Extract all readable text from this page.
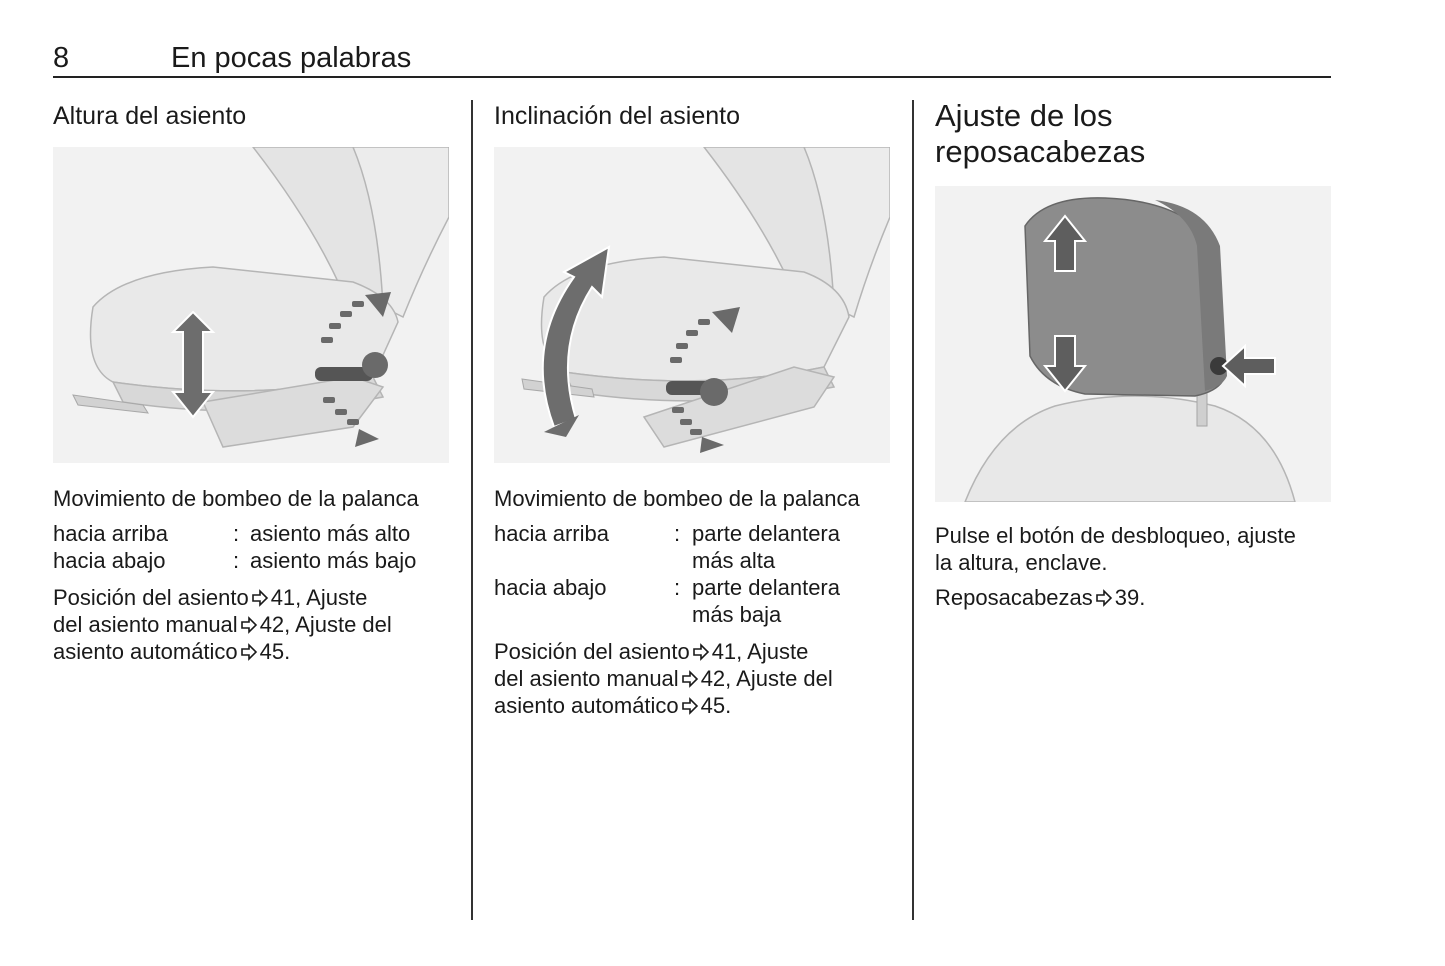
8	En pocas palabras
Altura del asiento

Movimiento de bombeo de la palanca

hacia arriba	: asiento más alto
hacia abajo	: asiento más bajo

Posición del asiento 41, Ajuste

del asiento manual 42, Ajuste del

asiento automático 45.

Inclinación del asiento

Movimiento de bombeo de la palanca

hacia arriba	: parte delantera
más alta
hacia abajo	: parte delantera
más baja

Posición del asiento 41, Ajuste

del asiento manual 42, Ajuste del

asiento automático 45.

Ajuste de los
reposacabezas

Pulse el botón de desbloqueo, ajuste
la altura, enclave.

Reposacabezas 39.
